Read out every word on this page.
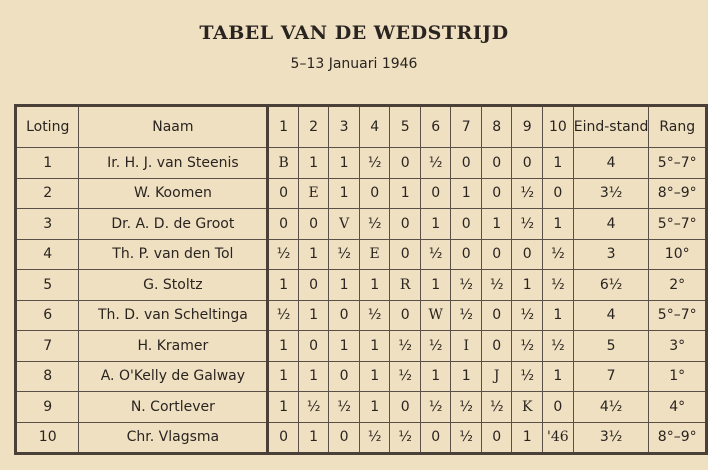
TABEL VAN DE WEDSTRIJD
5–13 Januari 1946
Loting	Naam	1	2	3	4	5	6	7	8	9	10	Eind-stand	Rang
1	Ir. H. J. van Steenis	B	1	1	½	0	½	0	0	0	1	4	5°–7°
2	W. Koomen	0	E	1	0	1	0	1	0	½	0	3½	8°–9°
3	Dr. A. D. de Groot	0	0	V	½	0	1	0	1	½	1	4	5°–7°
4	Th. P. van den Tol	½	1	½	E	0	½	0	0	0	½	3	10°
5	G. Stoltz	1	0	1	1	R	1	½	½	1	½	6½	2°
6	Th. D. van Scheltinga	½	1	0	½	0	W	½	0	½	1	4	5°–7°
7	H. Kramer	1	0	1	1	½	½	I	0	½	½	5	3°
8	A. O'Kelly de Galway	1	1	0	1	½	1	1	J	½	1	7	1°
9	N. Cortlever	1	½	½	1	0	½	½	½	K	0	4½	4°
10	Chr. Vlagsma	0	1	0	½	½	0	½	0	1	'46	3½	8°–9°
